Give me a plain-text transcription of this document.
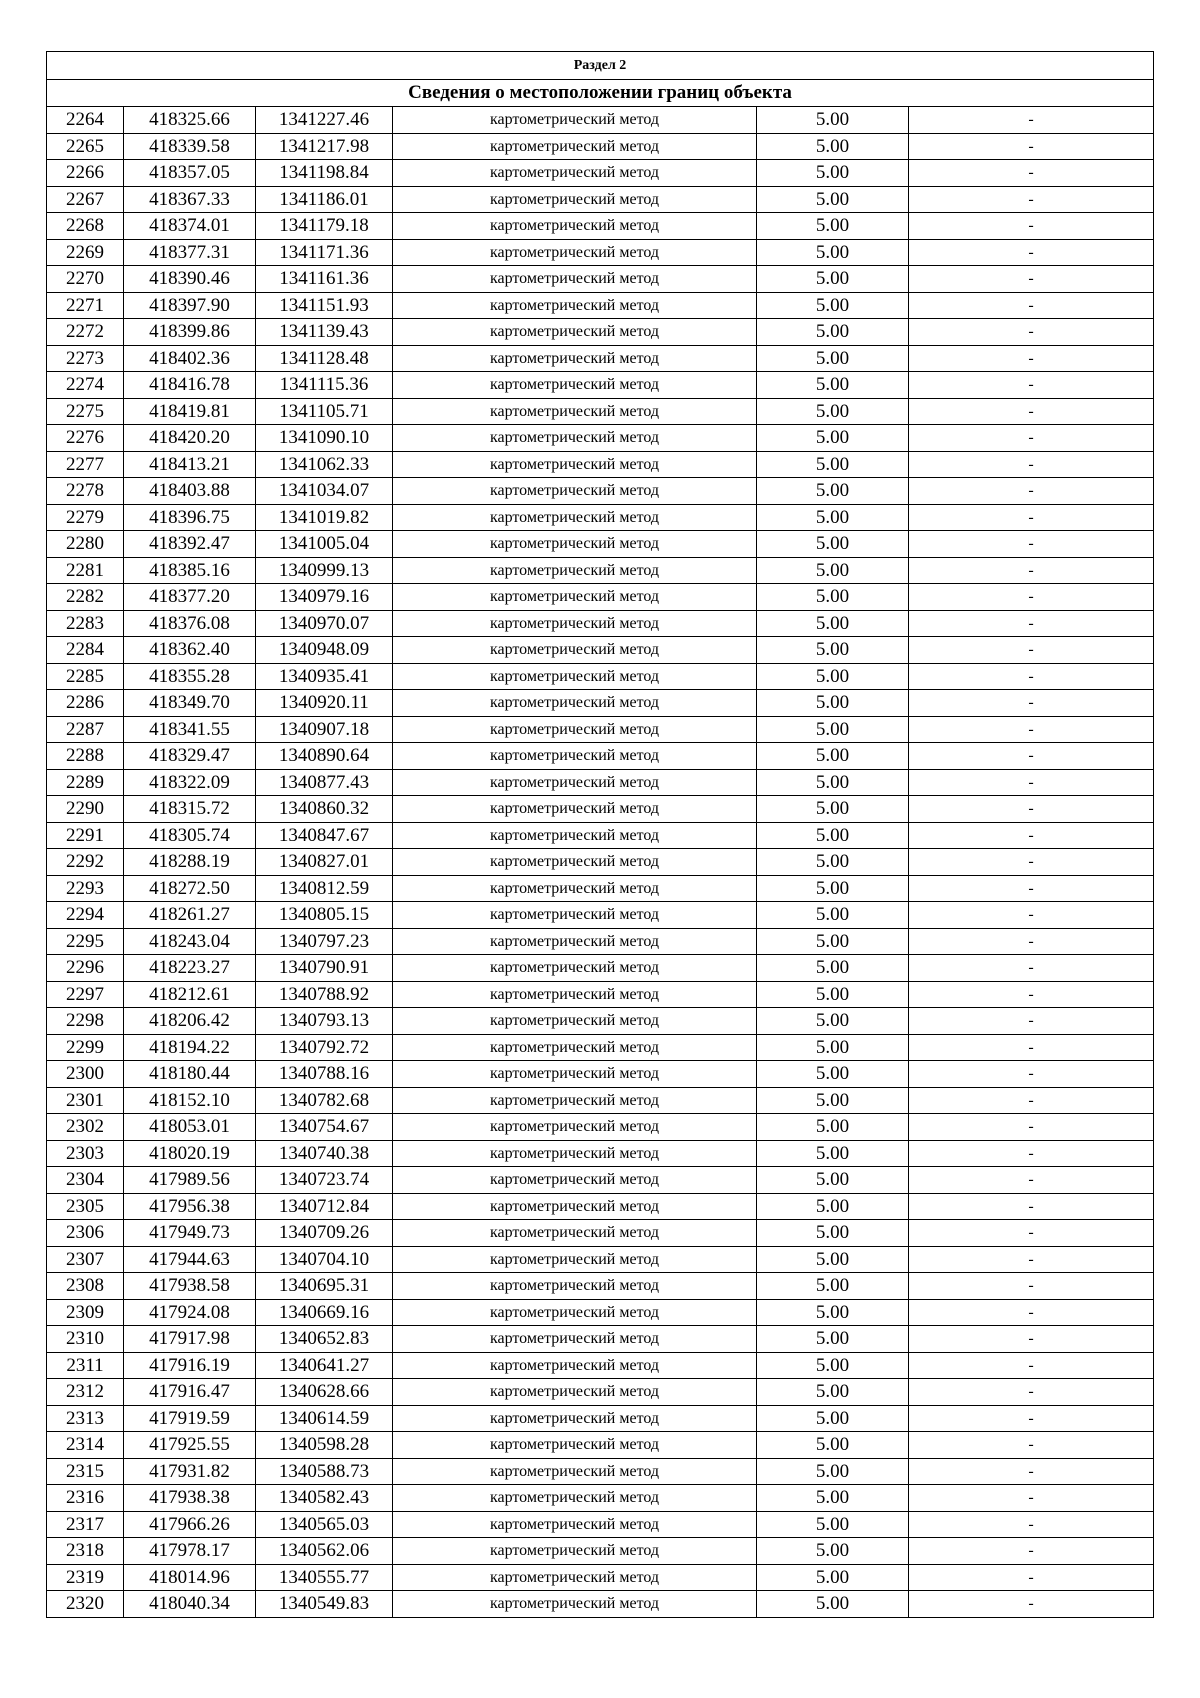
Раздел 2					
Сведения о местоположении границ объекта					
2264	418325.66	1341227.46	картометрический метод	5.00	-
2265	418339.58	1341217.98	картометрический метод	5.00	-
2266	418357.05	1341198.84	картометрический метод	5.00	-
2267	418367.33	1341186.01	картометрический метод	5.00	-
2268	418374.01	1341179.18	картометрический метод	5.00	-
2269	418377.31	1341171.36	картометрический метод	5.00	-
2270	418390.46	1341161.36	картометрический метод	5.00	-
2271	418397.90	1341151.93	картометрический метод	5.00	-
2272	418399.86	1341139.43	картометрический метод	5.00	-
2273	418402.36	1341128.48	картометрический метод	5.00	-
2274	418416.78	1341115.36	картометрический метод	5.00	-
2275	418419.81	1341105.71	картометрический метод	5.00	-
2276	418420.20	1341090.10	картометрический метод	5.00	-
2277	418413.21	1341062.33	картометрический метод	5.00	-
2278	418403.88	1341034.07	картометрический метод	5.00	-
2279	418396.75	1341019.82	картометрический метод	5.00	-
2280	418392.47	1341005.04	картометрический метод	5.00	-
2281	418385.16	1340999.13	картометрический метод	5.00	-
2282	418377.20	1340979.16	картометрический метод	5.00	-
2283	418376.08	1340970.07	картометрический метод	5.00	-
2284	418362.40	1340948.09	картометрический метод	5.00	-
2285	418355.28	1340935.41	картометрический метод	5.00	-
2286	418349.70	1340920.11	картометрический метод	5.00	-
2287	418341.55	1340907.18	картометрический метод	5.00	-
2288	418329.47	1340890.64	картометрический метод	5.00	-
2289	418322.09	1340877.43	картометрический метод	5.00	-
2290	418315.72	1340860.32	картометрический метод	5.00	-
2291	418305.74	1340847.67	картометрический метод	5.00	-
2292	418288.19	1340827.01	картометрический метод	5.00	-
2293	418272.50	1340812.59	картометрический метод	5.00	-
2294	418261.27	1340805.15	картометрический метод	5.00	-
2295	418243.04	1340797.23	картометрический метод	5.00	-
2296	418223.27	1340790.91	картометрический метод	5.00	-
2297	418212.61	1340788.92	картометрический метод	5.00	-
2298	418206.42	1340793.13	картометрический метод	5.00	-
2299	418194.22	1340792.72	картометрический метод	5.00	-
2300	418180.44	1340788.16	картометрический метод	5.00	-
2301	418152.10	1340782.68	картометрический метод	5.00	-
2302	418053.01	1340754.67	картометрический метод	5.00	-
2303	418020.19	1340740.38	картометрический метод	5.00	-
2304	417989.56	1340723.74	картометрический метод	5.00	-
2305	417956.38	1340712.84	картометрический метод	5.00	-
2306	417949.73	1340709.26	картометрический метод	5.00	-
2307	417944.63	1340704.10	картометрический метод	5.00	-
2308	417938.58	1340695.31	картометрический метод	5.00	-
2309	417924.08	1340669.16	картометрический метод	5.00	-
2310	417917.98	1340652.83	картометрический метод	5.00	-
2311	417916.19	1340641.27	картометрический метод	5.00	-
2312	417916.47	1340628.66	картометрический метод	5.00	-
2313	417919.59	1340614.59	картометрический метод	5.00	-
2314	417925.55	1340598.28	картометрический метод	5.00	-
2315	417931.82	1340588.73	картометрический метод	5.00	-
2316	417938.38	1340582.43	картометрический метод	5.00	-
2317	417966.26	1340565.03	картометрический метод	5.00	-
2318	417978.17	1340562.06	картометрический метод	5.00	-
2319	418014.96	1340555.77	картометрический метод	5.00	-
2320	418040.34	1340549.83	картометрический метод	5.00	-
